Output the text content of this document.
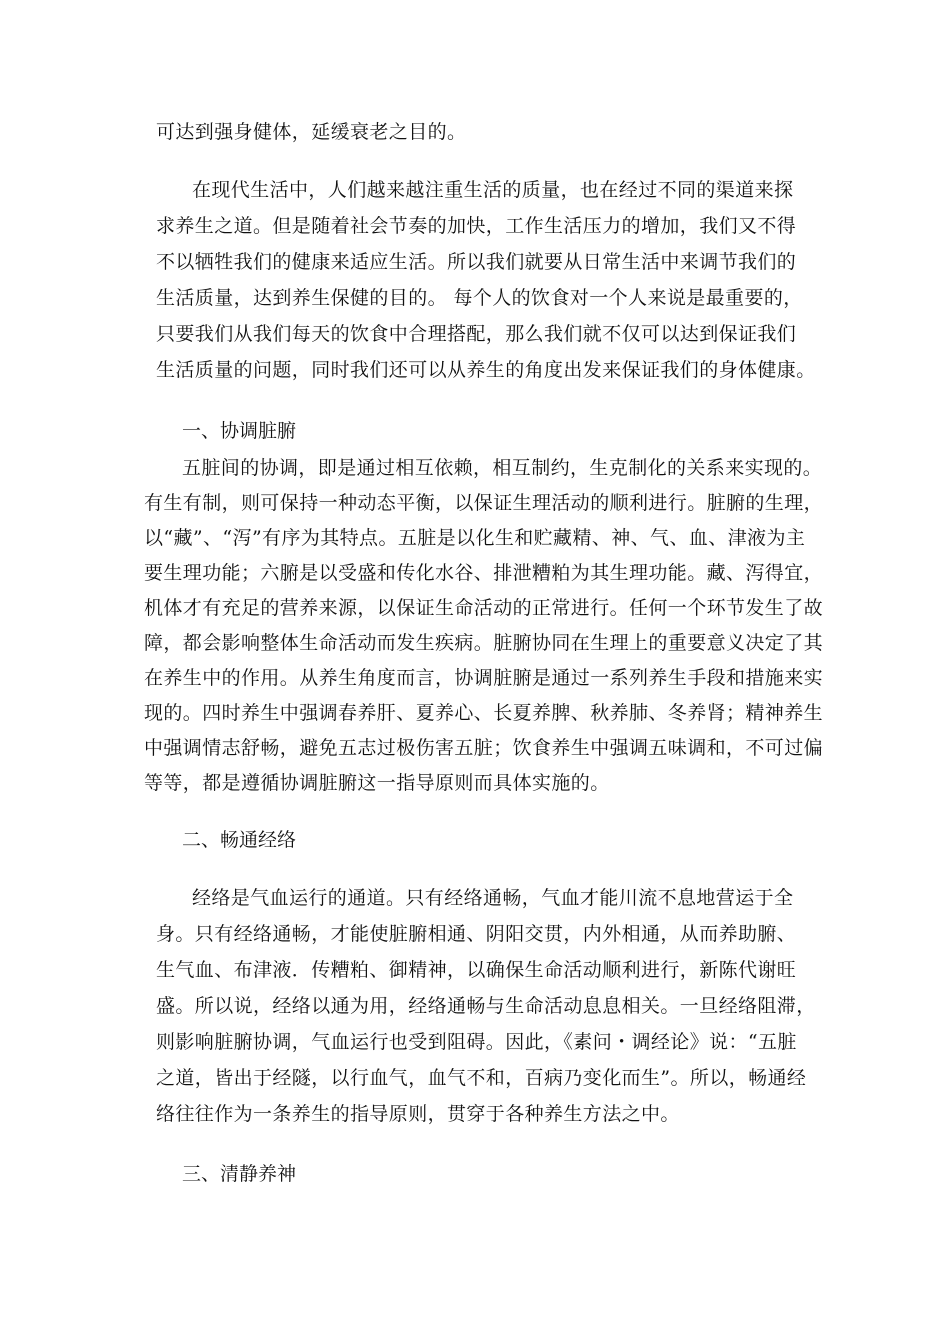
可达到强身健体，延缓衰老之目的。
在现代生活中，人们越来越注重生活的质量，也在经过不同的渠道来探
求养生之道。但是随着社会节奏的加快，工作生活压力的增加，我们又不得
不以牺牲我们的健康来适应生活。所以我们就要从日常生活中来调节我们的
生活质量，达到养生保健的目的。 每个人的饮食对一个人来说是最重要的，
只要我们从我们每天的饮食中合理搭配，那么我们就不仅可以达到保证我们
生活质量的问题，同时我们还可以从养生的角度出发来保证我们的身体健康。
一、协调脏腑
五脏间的协调，即是通过相互依赖，相互制约，生克制化的关系来实现的。
有生有制，则可保持一种动态平衡，以保证生理活动的顺利进行。脏腑的生理，
以“藏”、“泻”有序为其特点。五脏是以化生和贮藏精、神、气、血、津液为主
要生理功能；六腑是以受盛和传化水谷、排泄糟粕为其生理功能。藏、泻得宜，
机体才有充足的营养来源，以保证生命活动的正常进行。任何一个环节发生了故
障，都会影响整体生命活动而发生疾病。脏腑协同在生理上的重要意义决定了其
在养生中的作用。从养生角度而言，协调脏腑是通过一系列养生手段和措施来实
现的。四时养生中强调春养肝、夏养心、长夏养脾、秋养肺、冬养肾；精神养生
中强调情志舒畅，避免五志过极伤害五脏；饮食养生中强调五味调和，不可过偏
等等，都是遵循协调脏腑这一指导原则而具体实施的。
二、畅通经络
经络是气血运行的通道。只有经络通畅，气血才能川流不息地营运于全
身。只有经络通畅，才能使脏腑相通、阴阳交贯，内外相通，从而养助腑、
生气血、布津液．传糟粕、御精神，以确保生命活动顺利进行，新陈代谢旺
盛。所以说，经络以通为用，经络通畅与生命活动息息相关。一旦经络阻滞，
则影响脏腑协调，气血运行也受到阻碍。因此，《素问・调经论》说：“五脏
之道，皆出于经隧，以行血气，血气不和，百病乃变化而生”。所以，畅通经
络往往作为一条养生的指导原则，贯穿于各种养生方法之中。
三、清静养神
